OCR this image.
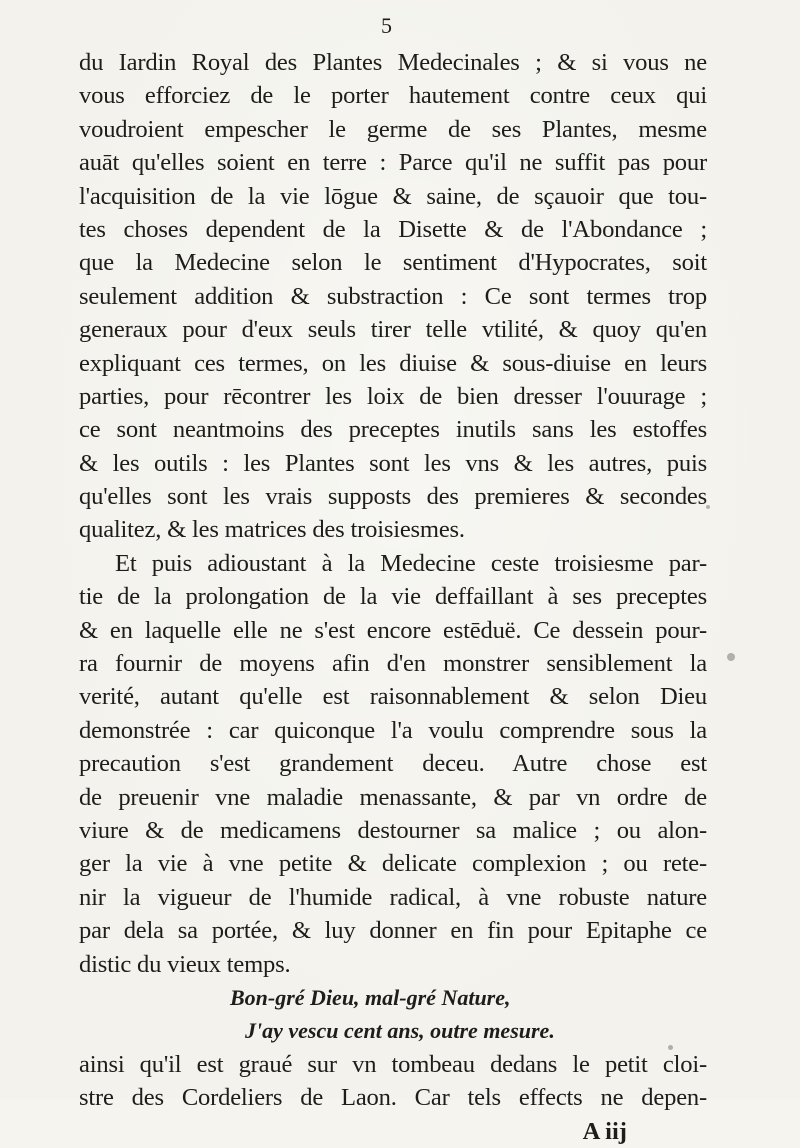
5
du Iardin Royal des Plantes Medecinales ; & si vous ne
vous efforciez de le porter hautement contre ceux qui
voudroient empescher le germe de ses Plantes, mesme
auāt qu'elles soient en terre : Parce qu'il ne suffit pas pour
l'acquisition de la vie lōgue & saine, de sçauoir que tou-
tes choses dependent de la Disette & de l'Abondance ;
que la Medecine selon le sentiment d'Hypocrates, soit
seulement addition & substraction : Ce sont termes trop
generaux pour d'eux seuls tirer telle vtilité, & quoy qu'en
expliquant ces termes, on les diuise & sous-diuise en leurs
parties, pour rēcontrer les loix de bien dresser l'ouurage ;
ce sont neantmoins des preceptes inutils sans les estoffes
& les outils : les Plantes sont les vns & les autres, puis
qu'elles sont les vrais supposts des premieres & secondes
qualitez, & les matrices des troisiesmes.
Et puis adioustant à la Medecine ceste troisiesme par-
tie de la prolongation de la vie deffaillant à ses preceptes
& en laquelle elle ne s'est encore estēduë. Ce dessein pour-
ra fournir de moyens afin d'en monstrer sensiblement la
verité, autant qu'elle est raisonnablement & selon Dieu
demonstrée : car quiconque l'a voulu comprendre sous la
precaution s'est grandement deceu. Autre chose est
de preuenir vne maladie menassante, & par vn ordre de
viure & de medicamens destourner sa malice ; ou alon-
ger la vie à vne petite & delicate complexion ; ou rete-
nir la vigueur de l'humide radical, à vne robuste nature
par dela sa portée, & luy donner en fin pour Epitaphe ce
distic du vieux temps.
Bon-gré Dieu, mal-gré Nature,
J'ay vescu cent ans, outre mesure.
ainsi qu'il est graué sur vn tombeau dedans le petit cloi-
stre des Cordeliers de Laon. Car tels effects ne depen-
A iij
